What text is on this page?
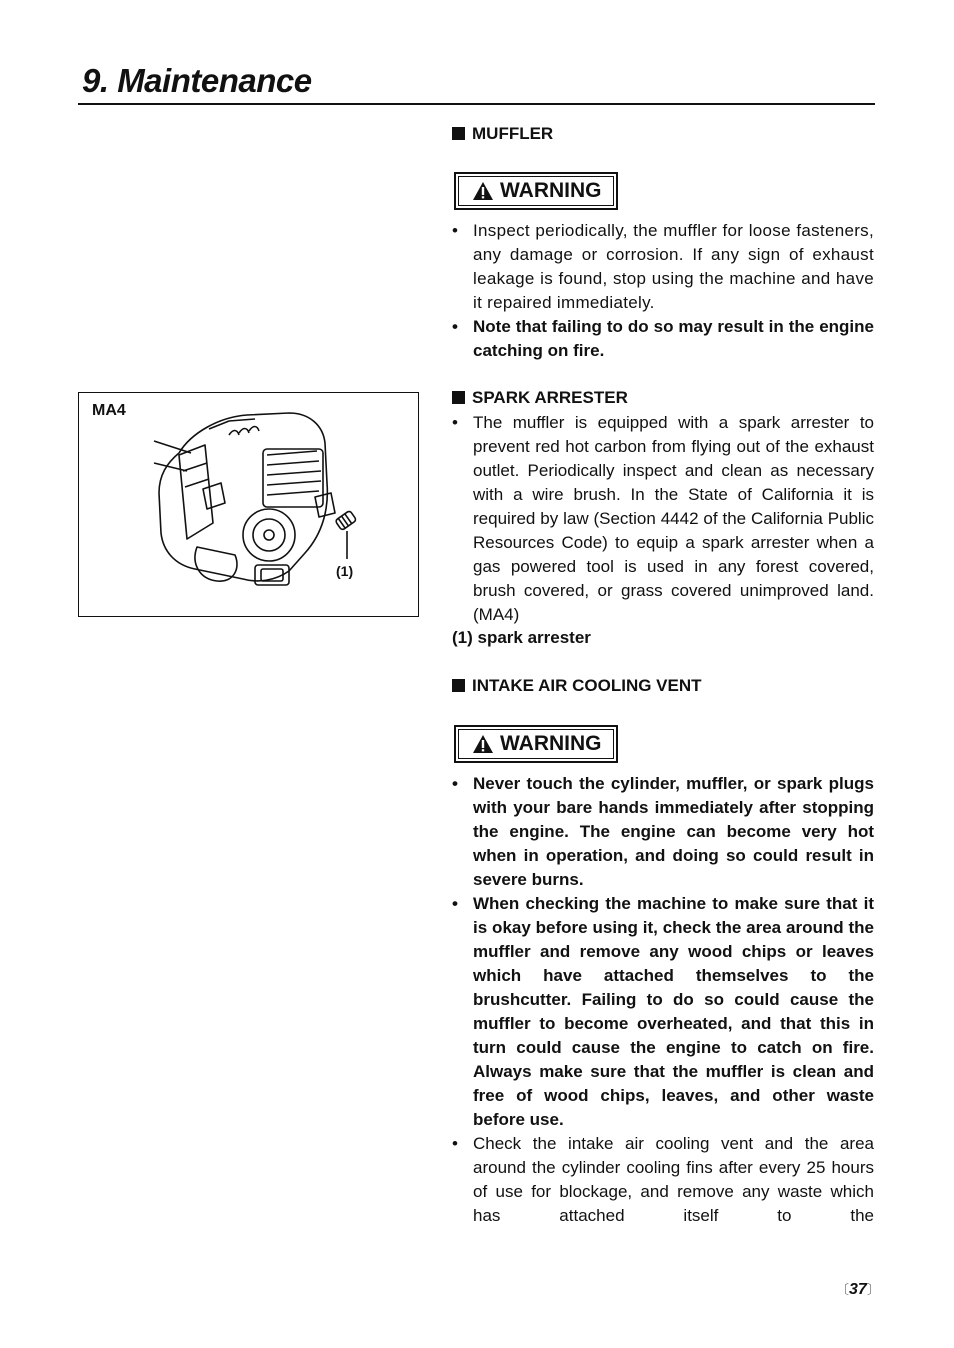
9. Maintenance
MUFFLER
WARNING
• Inspect periodically, the muffler for loose fasteners, any damage or corrosion. If any sign of exhaust leakage is found, stop using the machine and have it repaired immediately.
• Note that failing to do so may result in the engine catching on fire.
SPARK ARRESTER
• The muffler is equipped with a spark arrester to prevent red hot carbon from flying out of the exhaust outlet. Periodically inspect and clean as necessary with a wire brush. In the State of California it is required by law (Section 4442 of the California Public Resources Code) to equip a spark arrester when a gas powered tool is used in any forest covered, brush covered, or grass covered unimproved land. (MA4)
(1) spark arrester
MA4
(1)
INTAKE AIR COOLING VENT
WARNING
• Never touch the cylinder, muffler, or spark plugs with your bare hands immediately after stopping the engine. The engine can become very hot when in operation, and doing so could result in severe burns.
• When checking the machine to make sure that it is okay before using it, check the area around the muffler and remove any wood chips or leaves which have attached themselves to the brushcutter. Failing to do so could cause the muffler to become overheated, and that this in turn could cause the engine to catch on fire. Always make sure that the muffler is clean and free of wood chips, leaves, and other waste before use.
• Check the intake air cooling vent and the area around the cylinder cooling fins after every 25 hours of use for blockage, and remove any waste which has attached itself to the
〔37〕
